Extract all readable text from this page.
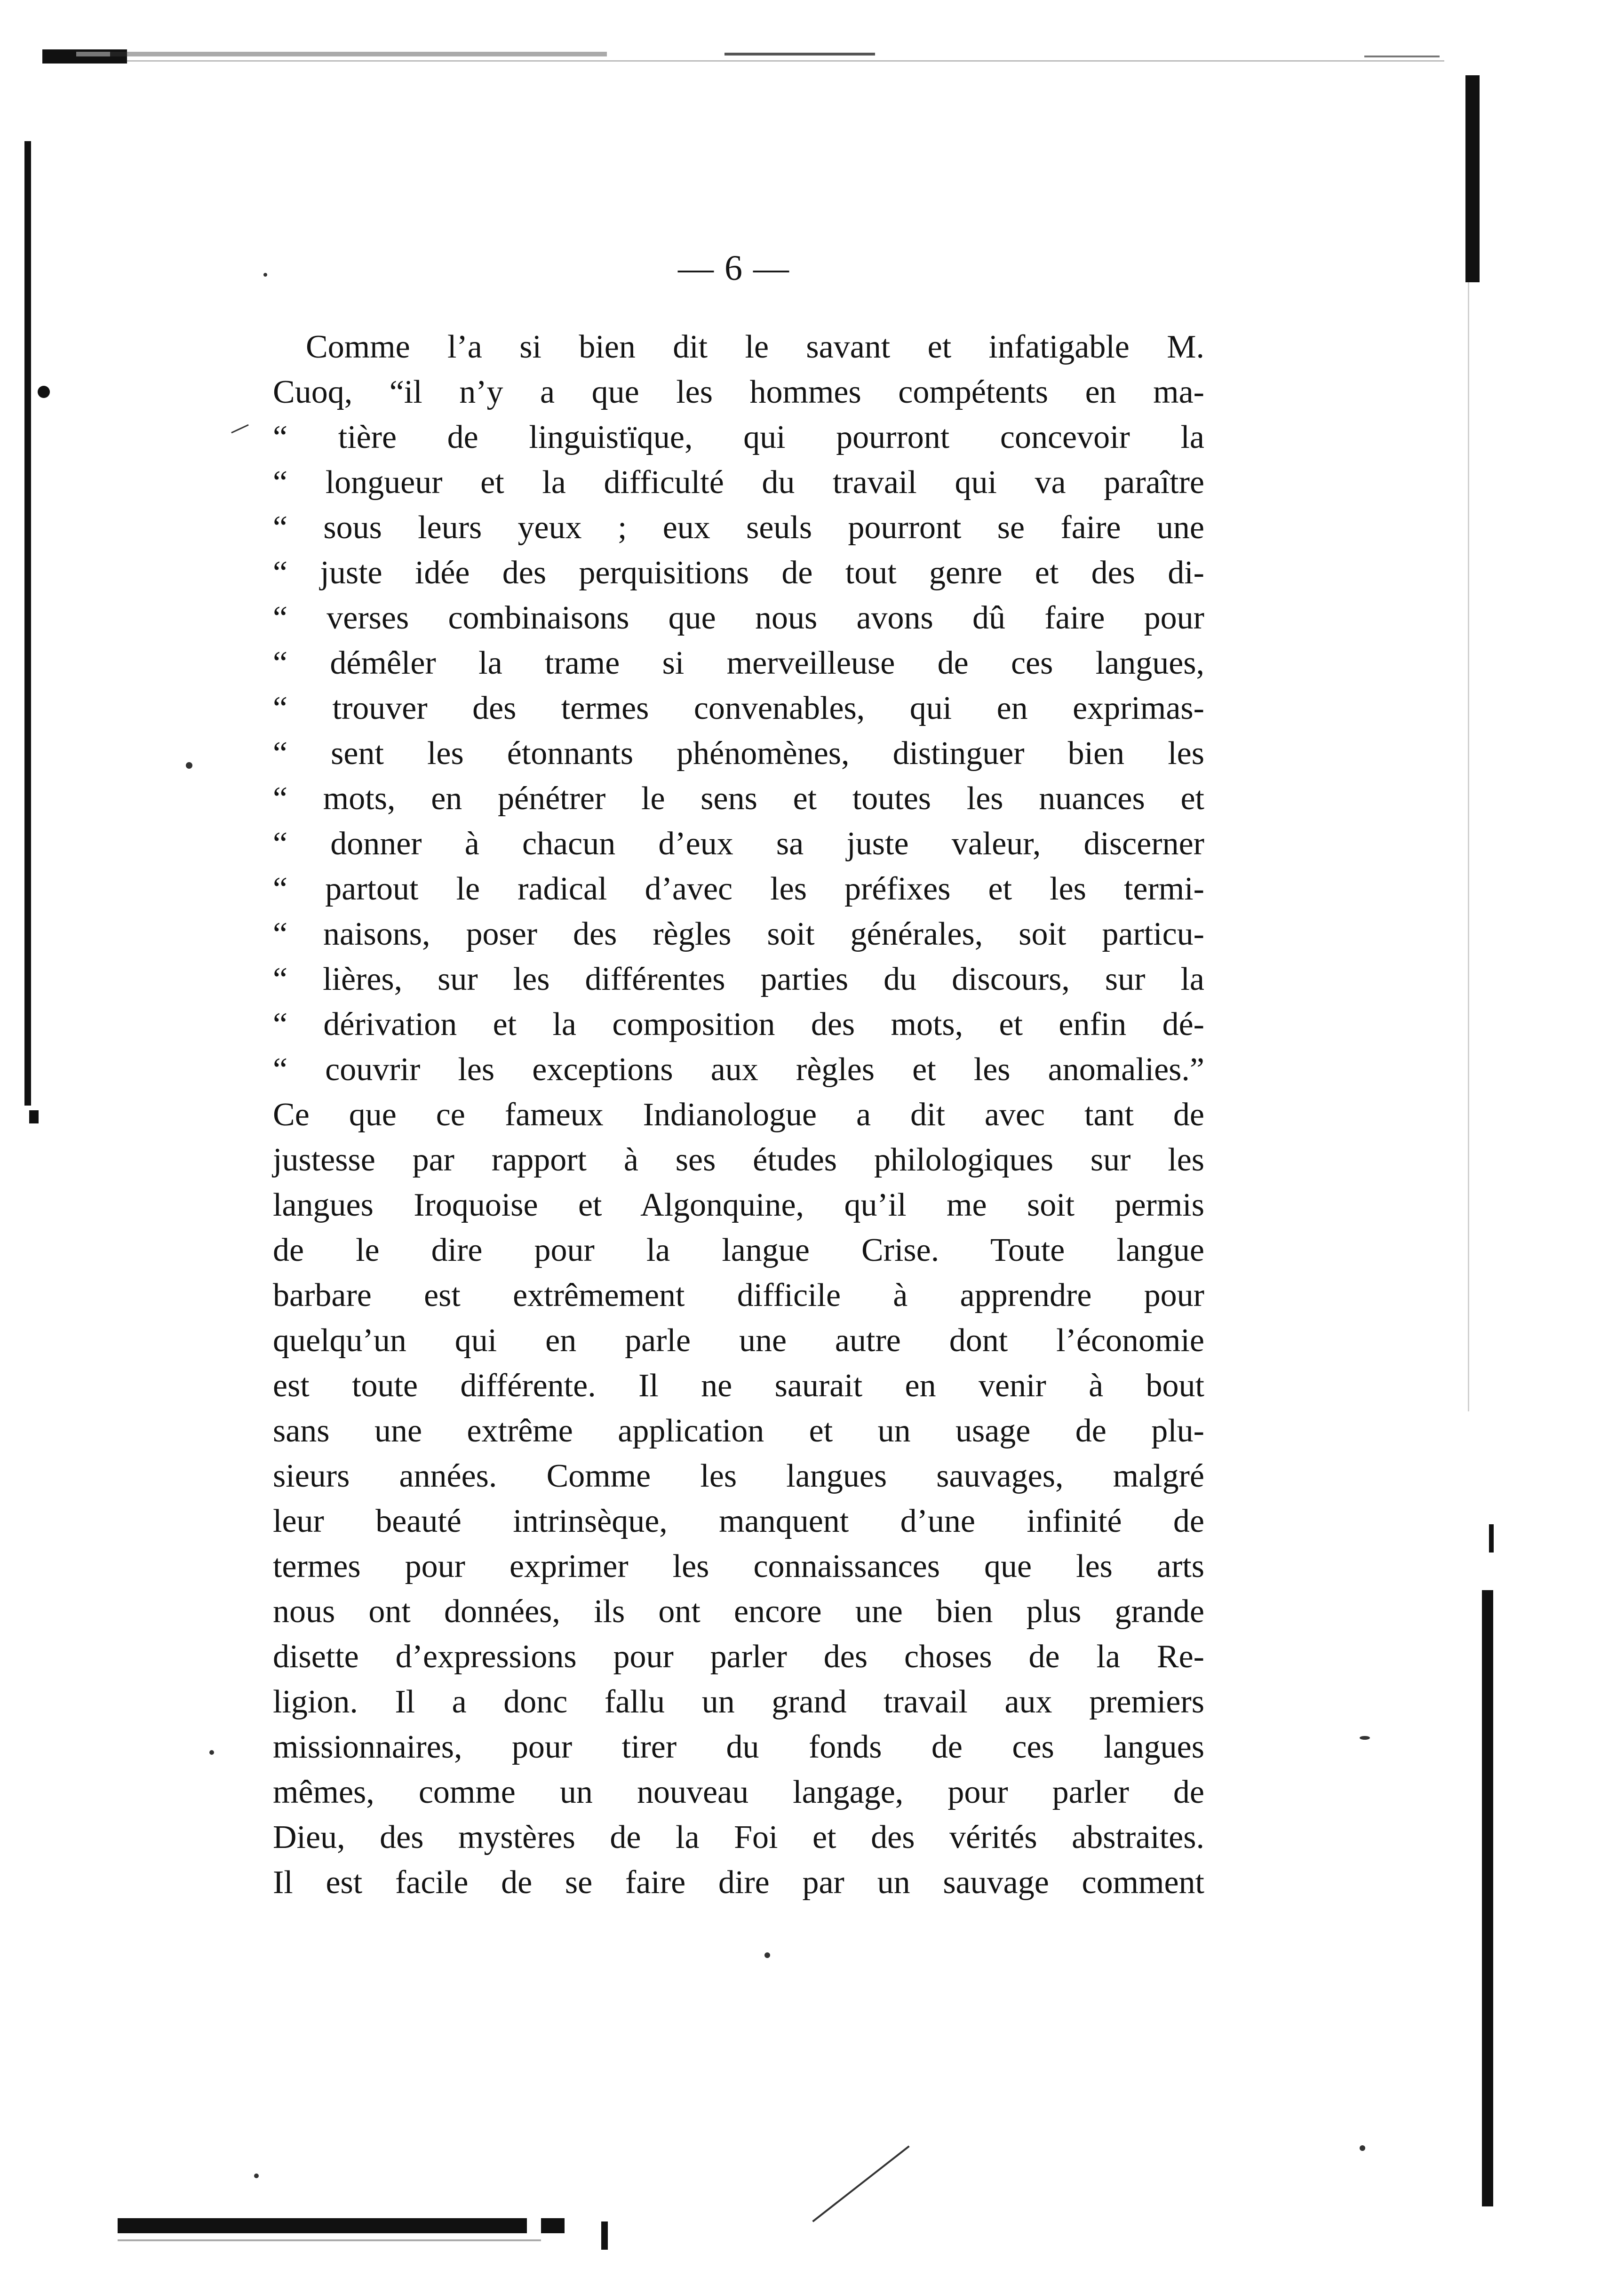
— 6 —
Comme l’a si bien dit le savant et infatigable M.
Cuoq, “il n’y a que les hommes compétents en ma-
“ tière de linguistïque, qui pourront concevoir la
“ longueur et la difficulté du travail qui va paraître
“ sous leurs yeux ; eux seuls pourront se faire une
“ juste idée des perquisitions de tout genre et des di-
“ verses combinaisons que nous avons dû faire pour
“ démêler la trame si merveilleuse de ces langues,
“ trouver des termes convenables, qui en exprimas-
“ sent les étonnants phénomènes, distinguer bien les
“ mots, en pénétrer le sens et toutes les nuances et
“ donner à chacun d’eux sa juste valeur, discerner
“ partout le radical d’avec les préfixes et les termi-
“ naisons, poser des règles soit générales, soit particu-
“ lières, sur les différentes parties du discours, sur la
“ dérivation et la composition des mots, et enfin dé-
“ couvrir les exceptions aux règles et les anomalies.”
Ce que ce fameux Indianologue a dit avec tant de
justesse par rapport à ses études philologiques sur les
langues Iroquoise et Algonquine, qu’il me soit permis
de le dire pour la langue Crise. Toute langue
barbare est extrêmement difficile à apprendre pour
quelqu’un qui en parle une autre dont l’économie
est toute différente. Il ne saurait en venir à bout
sans une extrême application et un usage de plu-
sieurs années. Comme les langues sauvages, malgré
leur beauté intrinsèque, manquent d’une infinité de
termes pour exprimer les connaissances que les arts
nous ont données, ils ont encore une bien plus grande
disette d’expressions pour parler des choses de la Re-
ligion. Il a donc fallu un grand travail aux premiers
missionnaires, pour tirer du fonds de ces langues
mêmes, comme un nouveau langage, pour parler de
Dieu, des mystères de la Foi et des vérités abstraites.
Il est facile de se faire dire par un sauvage comment
